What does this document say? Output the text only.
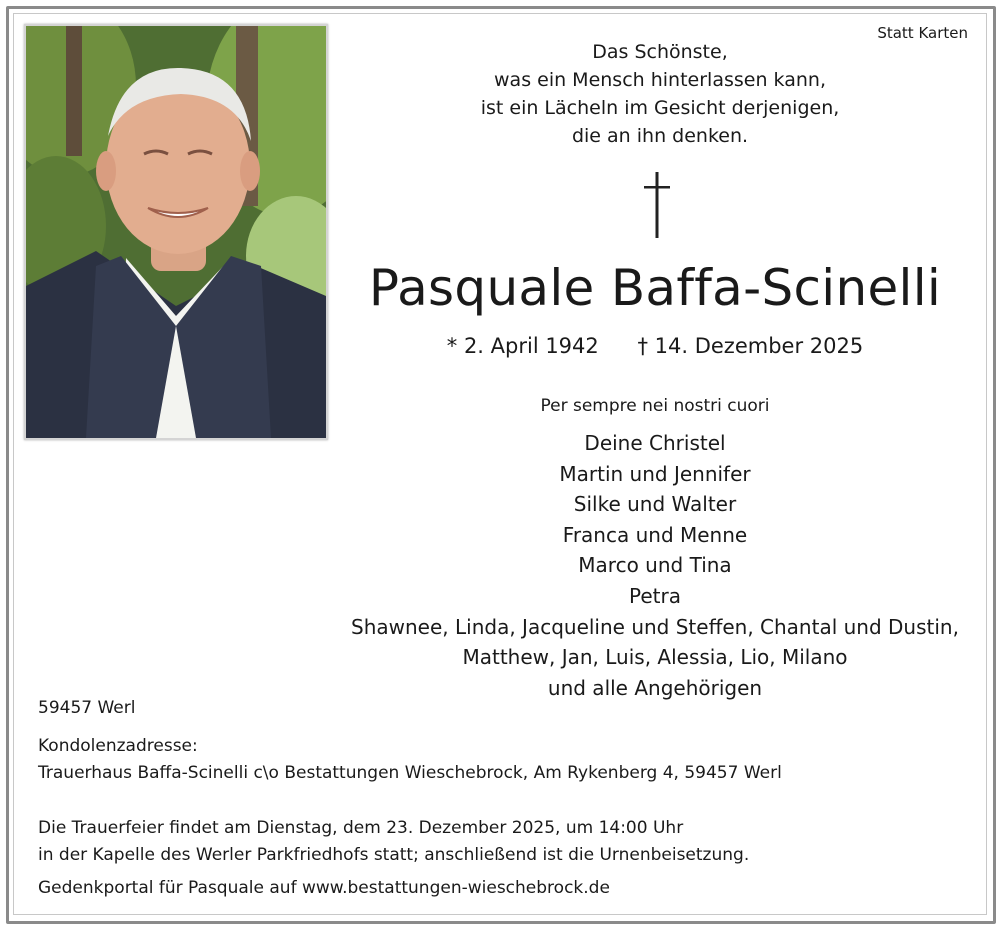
Statt Karten
Das Schönste,
was ein Mensch hinterlassen kann,
ist ein Lächeln im Gesicht derjenigen,
die an ihn denken.
Pasquale Baffa-Scinelli
* 2. April 1942 † 14. Dezember 2025
Per sempre nei nostri cuori
Deine Christel
Martin und Jennifer
Silke und Walter
Franca und Menne
Marco und Tina
Petra
Shawnee, Linda, Jacqueline und Steffen, Chantal und Dustin,
Matthew, Jan, Luis, Alessia, Lio, Milano
und alle Angehörigen
59457 Werl
Kondolenzadresse:
Trauerhaus Baffa-Scinelli c\o Bestattungen Wieschebrock, Am Rykenberg 4, 59457 Werl
Die Trauerfeier findet am Dienstag, dem 23. Dezember 2025, um 14:00 Uhr
in der Kapelle des Werler Parkfriedhofs statt; anschließend ist die Urnenbeisetzung.
Gedenkportal für Pasquale auf www.bestattungen-wieschebrock.de
